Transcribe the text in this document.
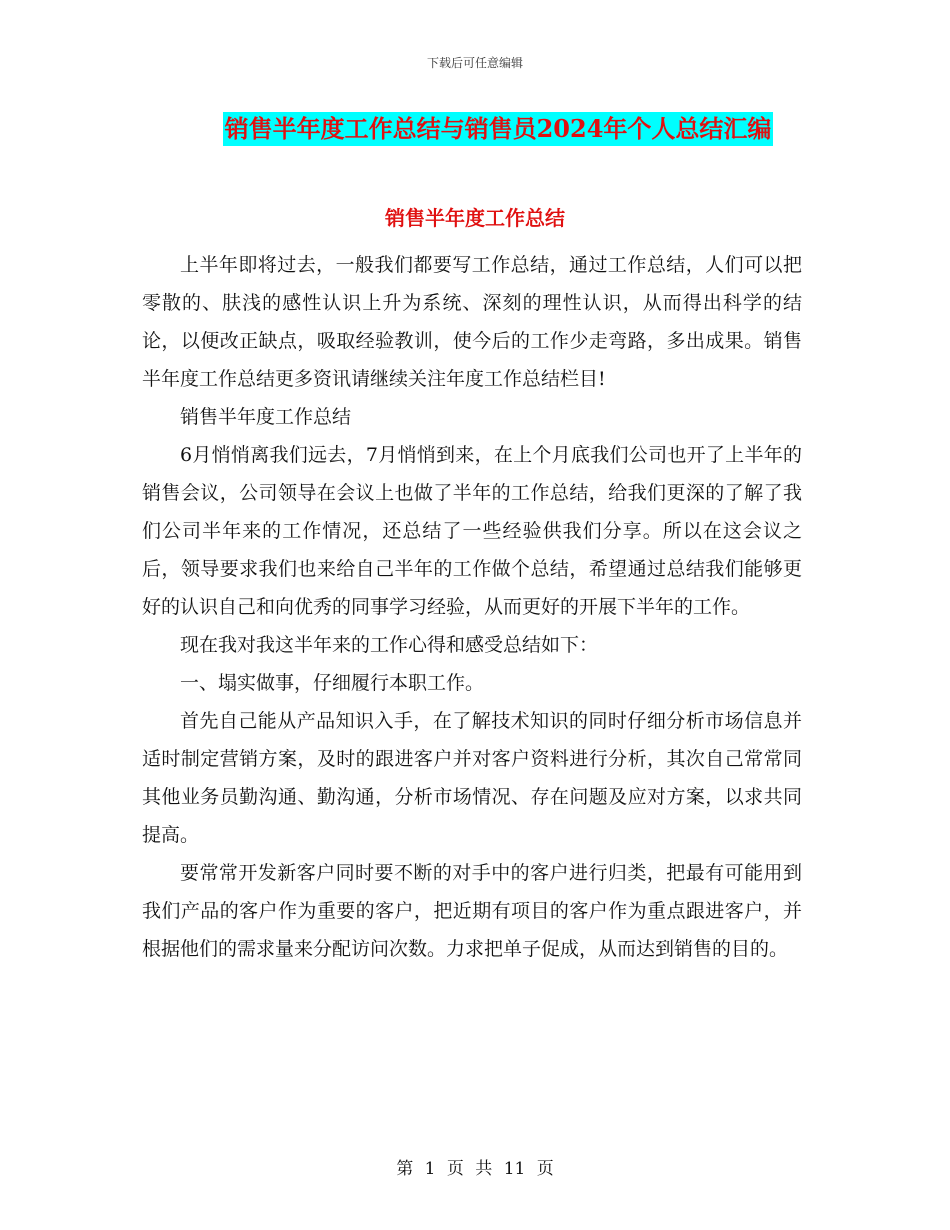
下载后可任意编辑
销售半年度工作总结与销售员2024年个人总结汇编
销售半年度工作总结

上半年即将过去，一般我们都要写工作总结，通过工作总结，人们可以把零散的、肤浅的感性认识上升为系统、深刻的理性认识，从而得出科学的结论，以便改正缺点，吸取经验教训，使今后的工作少走弯路，多出成果。销售半年度工作总结更多资讯请继续关注年度工作总结栏目!

销售半年度工作总结

6月悄悄离我们远去，7月悄悄到来，在上个月底我们公司也开了上半年的销售会议，公司领导在会议上也做了半年的工作总结，给我们更深的了解了我们公司半年来的工作情况，还总结了一些经验供我们分享。所以在这会议之后，领导要求我们也来给自己半年的工作做个总结，希望通过总结我们能够更好的认识自己和向优秀的同事学习经验，从而更好的开展下半年的工作。

现在我对我这半年来的工作心得和感受总结如下：

一、塌实做事，仔细履行本职工作。

首先自己能从产品知识入手，在了解技术知识的同时仔细分析市场信息并适时制定营销方案，及时的跟进客户并对客户资料进行分析，其次自己常常同其他业务员勤沟通、勤沟通，分析市场情况、存在问题及应对方案，以求共同提高。

要常常开发新客户同时要不断的对手中的客户进行归类，把最有可能用到我们产品的客户作为重要的客户，把近期有项目的客户作为重点跟进客户，并根据他们的需求量来分配访问次数。力求把单子促成，从而达到销售的目的。

第 1 页 共 11 页
